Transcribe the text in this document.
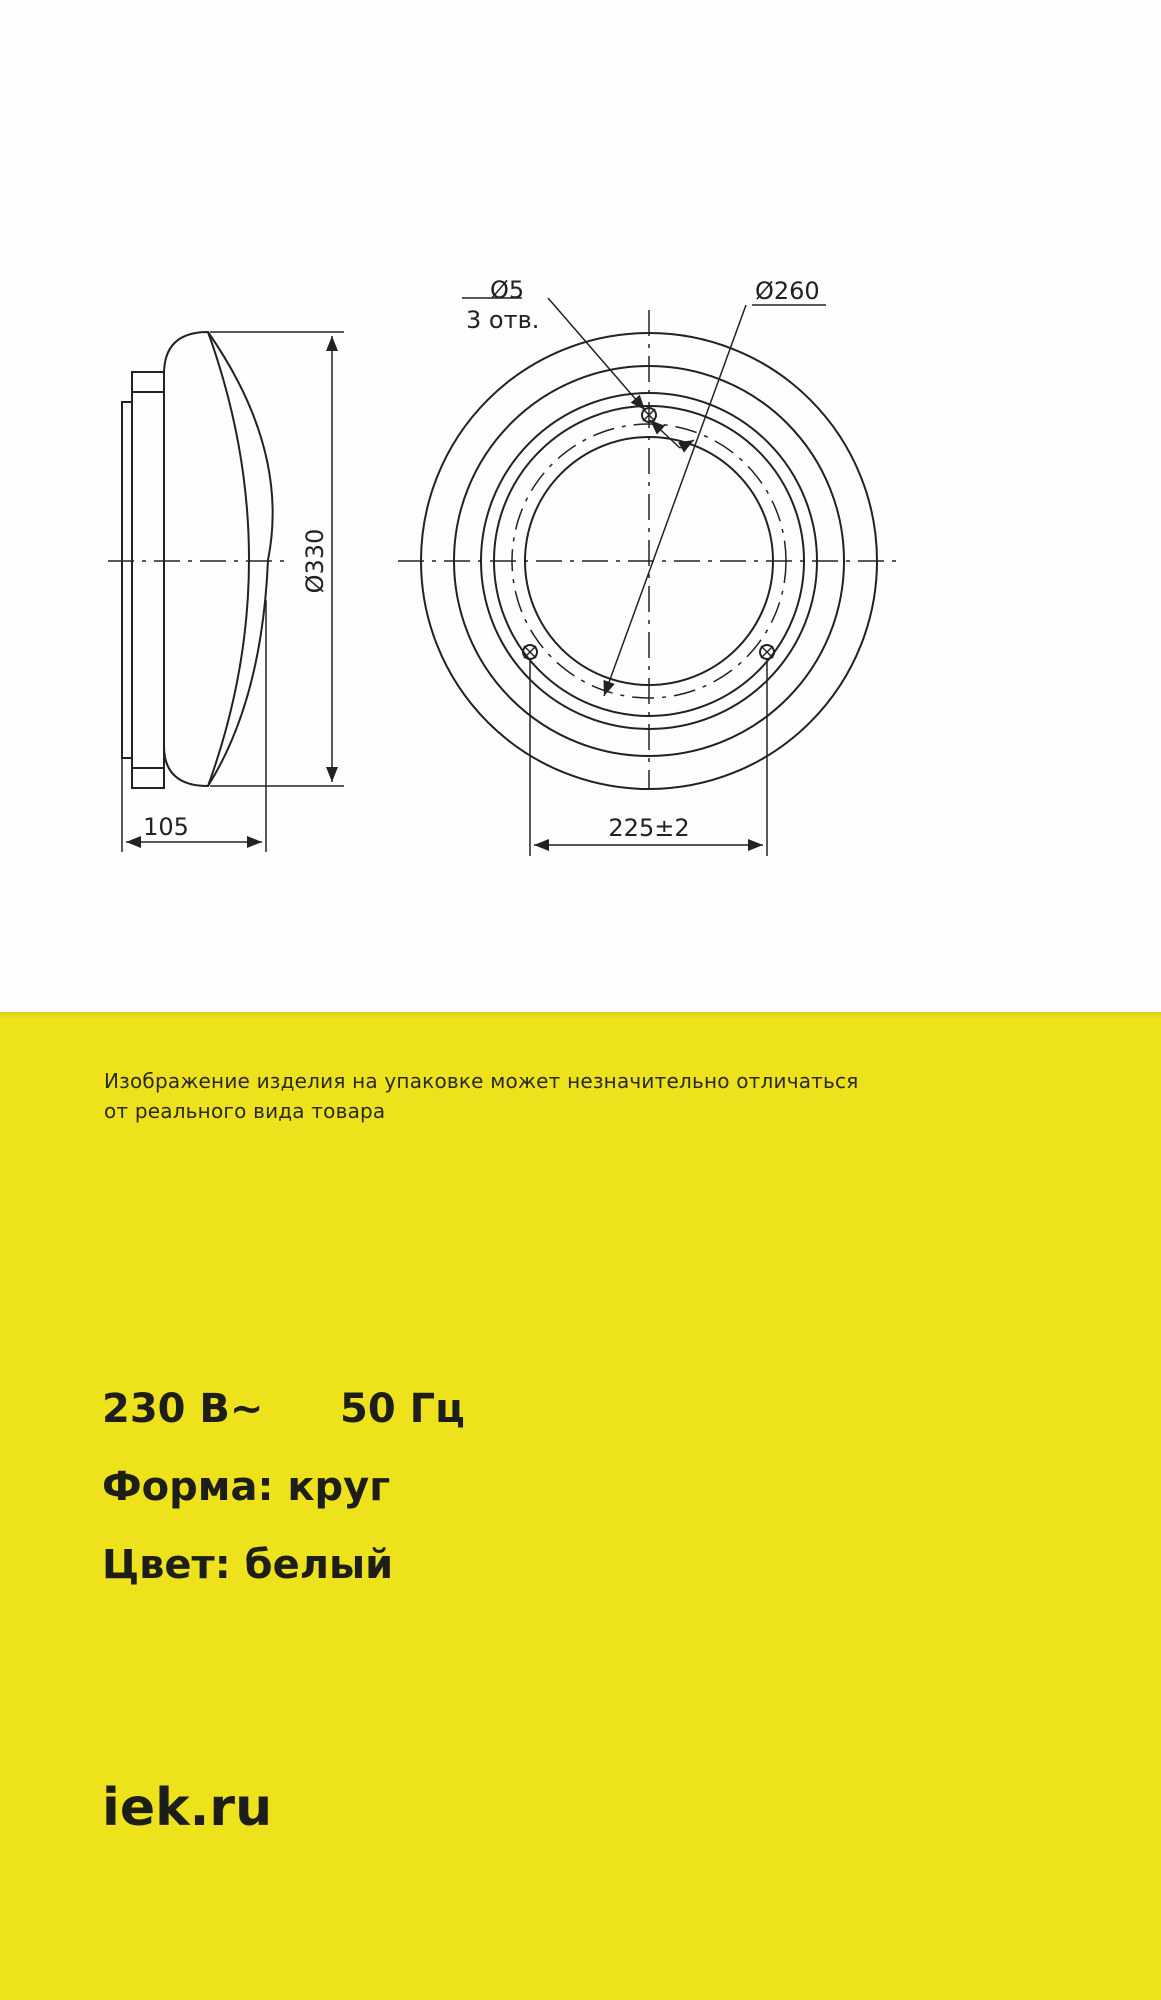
105
Ø330
Ø5
3 отв.
Ø260
225±2
Изображение изделия на упаковке может незначительно отличаться
от реального вида товара
230 В~ 50 Гц
Форма: круг
Цвет: белый
iek.ru
